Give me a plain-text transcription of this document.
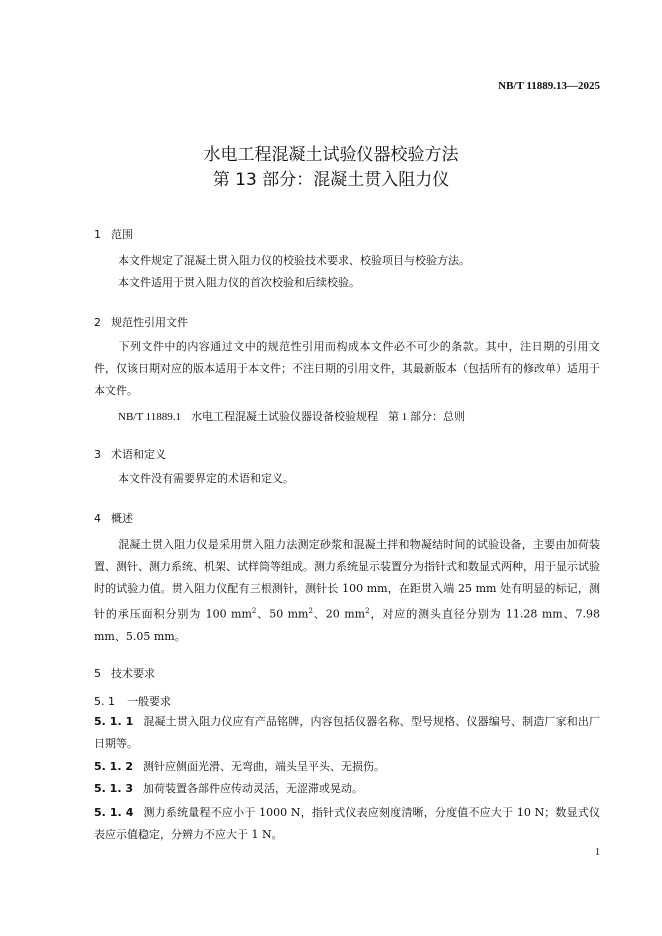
NB/T 11889.13—2025
水电工程混凝土试验仪器校验方法
第 13 部分：混凝土贯入阻力仪
1 范围
本文件规定了混凝土贯入阻力仪的校验技术要求、校验项目与校验方法。
本文件适用于贯入阻力仪的首次校验和后续校验。
2 规范性引用文件
下列文件中的内容通过文中的规范性引用而构成本文件必不可少的条款。其中，注日期的引用文件，仅该日期对应的版本适用于本文件；不注日期的引用文件，其最新版本（包括所有的修改单）适用于本文件。
NB/T 11889.1 水电工程混凝土试验仪器设备校验规程 第 1 部分：总则
3 术语和定义
本文件没有需要界定的术语和定义。
4 概述
混凝土贯入阻力仪是采用贯入阻力法测定砂浆和混凝土拌和物凝结时间的试验设备，主要由加荷装置、测针、测力系统、机架、试样筒等组成。测力系统显示装置分为指针式和数显式两种，用于显示试验时的试验力值。贯入阻力仪配有三根测针，测针长 100 mm，在距贯入端 25 mm 处有明显的标记，测针的承压面积分别为 100 $mm^2$、50 $mm^2$、20 $mm^2$，对应的测头直径分别为 11.28 mm、7.98 mm、5.05 mm。
5 技术要求
5. 1 一般要求
5. 1. 1 混凝土贯入阻力仪应有产品铭牌，内容包括仪器名称、型号规格、仪器编号、制造厂家和出厂日期等。
5. 1. 2 测针应侧面光滑、无弯曲，端头呈平头、无损伤。
5. 1. 3 加荷装置各部件应传动灵活，无涩滞或晃动。
5. 1. 4 测力系统量程不应小于 1000 N，指针式仪表应刻度清晰，分度值不应大于 10 N；数显式仪表应示值稳定，分辨力不应大于 1 N。
1
